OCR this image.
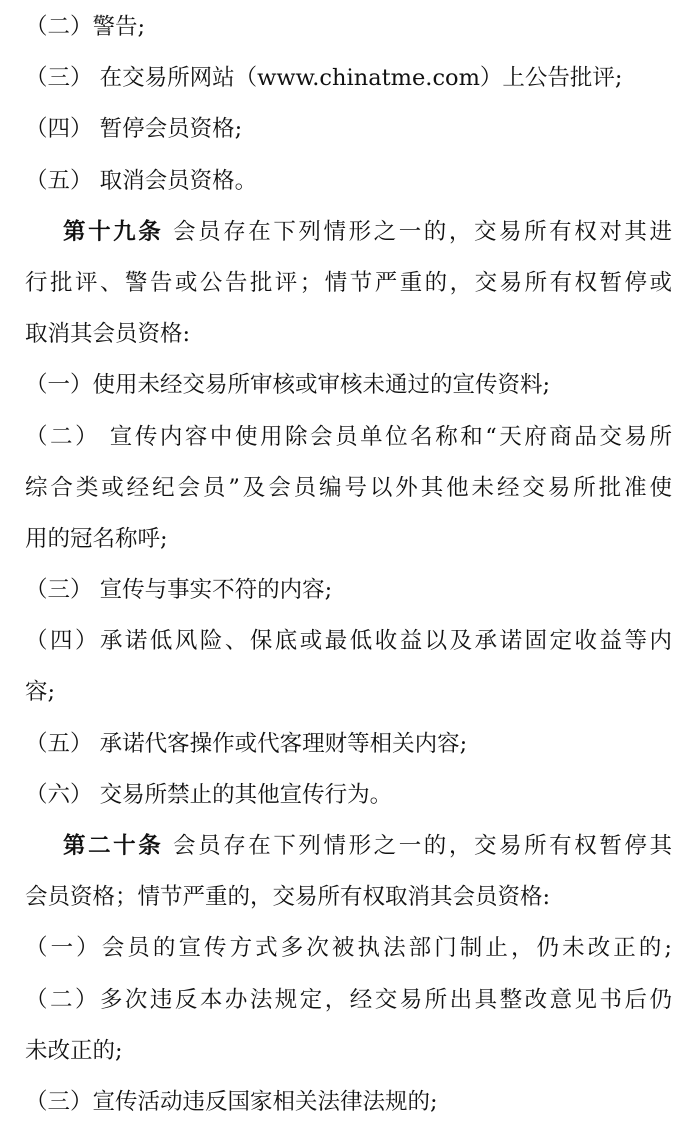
（二）警告;
（三） 在交易所网站（www.chinatme.com）上公告批评;
（四） 暂停会员资格;
（五） 取消会员资格。
第十九条 会员存在下列情形之一的，交易所有权对其进
行批评、警告或公告批评；情节严重的，交易所有权暂停或
取消其会员资格:
（一）使用未经交易所审核或审核未通过的宣传资料;
（二） 宣传内容中使用除会员单位名称和“天府商品交易所
综合类或经纪会员”及会员编号以外其他未经交易所批准使
用的冠名称呼;
（三） 宣传与事实不符的内容;
（四）承诺低风险、保底或最低收益以及承诺固定收益等内
容;
（五） 承诺代客操作或代客理财等相关内容;
（六） 交易所禁止的其他宣传行为。
第二十条 会员存在下列情形之一的，交易所有权暂停其
会员资格；情节严重的，交易所有权取消其会员资格:
（一）会员的宣传方式多次被执法部门制止，仍未改正的;
（二）多次违反本办法规定，经交易所出具整改意见书后仍
未改正的;
（三）宣传活动违反国家相关法律法规的;
